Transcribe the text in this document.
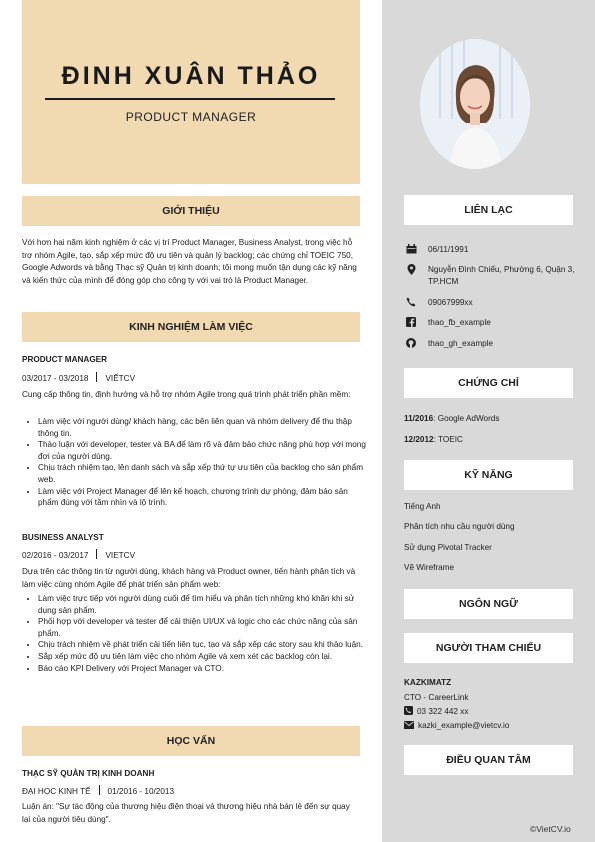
ĐINH XUÂN THẢO
PRODUCT MANAGER
GIỚI THIỆU
Với hơn hai năm kinh nghiệm ở các vị trí Product Manager, Business Analyst, trong việc hỗ trợ nhóm Agile, tạo, sắp xếp mức độ ưu tiên và quản lý backlog; các chứng chỉ TOEIC 750, Google Adwords và bằng Thạc sỹ Quản trị kinh doanh; tôi mong muốn tận dụng các kỹ năng và kiến thức của mình để đóng góp cho công ty với vai trò là Product Manager.
KINH NGHIỆM LÀM VIỆC
PRODUCT MANAGER
03/2017 - 03/2018 VIẾTCV
Cung cấp thông tin, định hướng và hỗ trợ nhóm Agile trong quá trình phát triển phần mềm:
• Làm việc với người dùng/ khách hàng, các bên liên quan và nhóm delivery để thu thập thông tin.
• Thảo luận với developer, tester và BA để làm rõ và đảm bảo chức năng phù hợp với mong đợi của người dùng.
• Chịu trách nhiệm tạo, lên danh sách và sắp xếp thứ tự ưu tiên của backlog cho sản phẩm web.
• Làm việc với Project Manager để lên kế hoạch, chương trình dự phòng, đảm bảo sản phẩm đúng với tầm nhìn và lộ trình.
BUSINESS ANALYST
02/2016 - 03/2017 VIETCV
Dựa trên các thông tin từ người dùng, khách hàng và Product owner, tiến hành phân tích và làm việc cùng nhóm Agile để phát triển sản phẩm web:
• Làm việc trực tiếp với người dùng cuối để tìm hiểu và phân tích những khó khăn khi sử dụng sản phẩm.
• Phối hợp với developer và tester để cải thiện UI/UX và logic cho các chức năng của sản phẩm.
• Chịu trách nhiệm về phát triển cải tiến liên tục, tạo và sắp xếp các story sau khi thảo luận.
• Sắp xếp mức độ ưu tiên làm việc cho nhóm Agile và xem xét các backlog còn lại.
• Báo cáo KPI Delivery với Project Manager và CTO.
HỌC VẤN
THẠC SỸ QUẢN TRỊ KINH DOANH
ĐẠI HỌC KINH TẾ 01/2016 - 10/2013
Luận án: "Sự tác động của thương hiệu điện thoại và thương hiệu nhà bán lẻ đến sự quay lại của người tiêu dùng".
LIÊN LẠC
06/11/1991
Nguyễn Đình Chiểu, Phường 6, Quận 3, TP.HCM
09067999xx
thao_fb_example
thao_gh_example
CHỨNG CHỈ
11/2016: Google AdWords
12/2012: TOEIC
KỸ NĂNG
Tiếng Anh
Phân tích nhu cầu người dùng
Sử dụng Pivotal Tracker
Vẽ Wireframe
NGÔN NGỮ
NGƯỜI THAM CHIẾU
KAZKIMATZ
CTO - CareerLink
03 322 442 xx
kazki_example@vietcv.io
ĐIỀU QUAN TÂM
©VietCV.io
